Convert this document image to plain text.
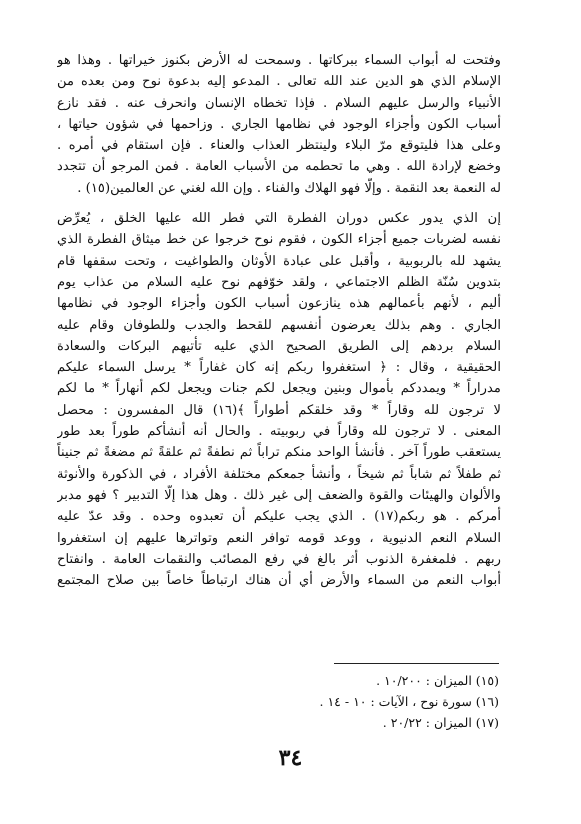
وفتحت له أبواب السماء ببركاتها . وسمحت له الأرض بكنوز خيراتها . وهذا هو
الإسلام الذي هو الدين عند الله تعالى . المدعو إليه بدعوة نوح ومن بعده من
الأنبياء والرسل عليهم السلام . فإذا تخطاه الإنسان وانحرف عنه . فقد نازع
أسباب الكون وأجزاء الوجود في نظامها الجاري . وزاحمها في شؤون حياتها ،
وعلى هذا فليتوقع مرّ البلاء ولينتظر العذاب والعناء . فإن استقام في أمره .
وخضع لإرادة الله . وهي ما تحطمه من الأسباب العامة . فمن المرجو أن تتجدد
له النعمة بعد النقمة . وإلّا فهو الهلاك والفناء . وإن الله لغني عن العالمين(١٥) .
إن الذي يدور عكس دوران الفطرة التي فطر الله عليها الخلق ، يُعرِّض
نفسه لضربات جميع أجزاء الكون ، فقوم نوح خرجوا عن خط ميثاق الفطرة الذي
يشهد لله بالربوبية ، وأقبل على عبادة الأوثان والطواغيت ، وتحت سقفها قام
بتدوين سُنّة الظلم الاجتماعي ، ولقد خوّفهم نوح عليه السلام من عذاب يوم
أليم ، لأنهم بأعمالهم هذه ينازعون أسباب الكون وأجزاء الوجود في نظامها
الجاري . وهم بذلك يعرضون أنفسهم للقحط والجدب وللطوفان وقام عليه
السلام بردهم إلى الطريق الصحيح الذي عليه تأتيهم البركات والسعادة
الحقيقية ، وقال : ﴿ استغفروا ربكم إنه كان غفاراً * يرسل السماء عليكم
مدراراً * ويمددكم بأموال وبنين ويجعل لكم جنات ويجعل لكم أنهاراً * ما لكم
لا ترجون لله وقاراً * وقد خلقكم أطواراً ﴾(١٦) قال المفسرون : محصل
المعنى . لا ترجون لله وقاراً في ربوبيته . والحال أنه أنشأكم طوراً بعد طور
يستعقب طوراً آخر . فأنشأ الواحد منكم تراباً ثم نطفةً ثم علقةً ثم مضغةً ثم جنيناً
ثم طفلاً ثم شاباً ثم شيخاً ، وأنشأ جمعكم مختلفة الأفراد ، في الذكورة والأنوثة
والألوان والهيئات والقوة والضعف إلى غير ذلك . وهل هذا إلّا التدبير ؟ فهو مدبر
أمركم . هو ربكم(١٧) . الذي يجب عليكم أن تعبدوه وحده . وقد عدّ عليه
السلام النعم الدنيوية ، ووعد قومه توافر النعم وتواترها عليهم إن استغفروا
ربهم . فلمغفرة الذنوب أثر بالغ في رفع المصائب والنقمات العامة . وانفتاح
أبواب النعم من السماء والأرض أي أن هناك ارتباطاً خاصاً بين صلاح المجتمع
(١٥) الميزان : ١٠/٢٠٠ .
(١٦) سورة نوح ، الآيات : ١٠ - ١٤ .
(١٧) الميزان : ٢٠/٢٢ .
٣٤
